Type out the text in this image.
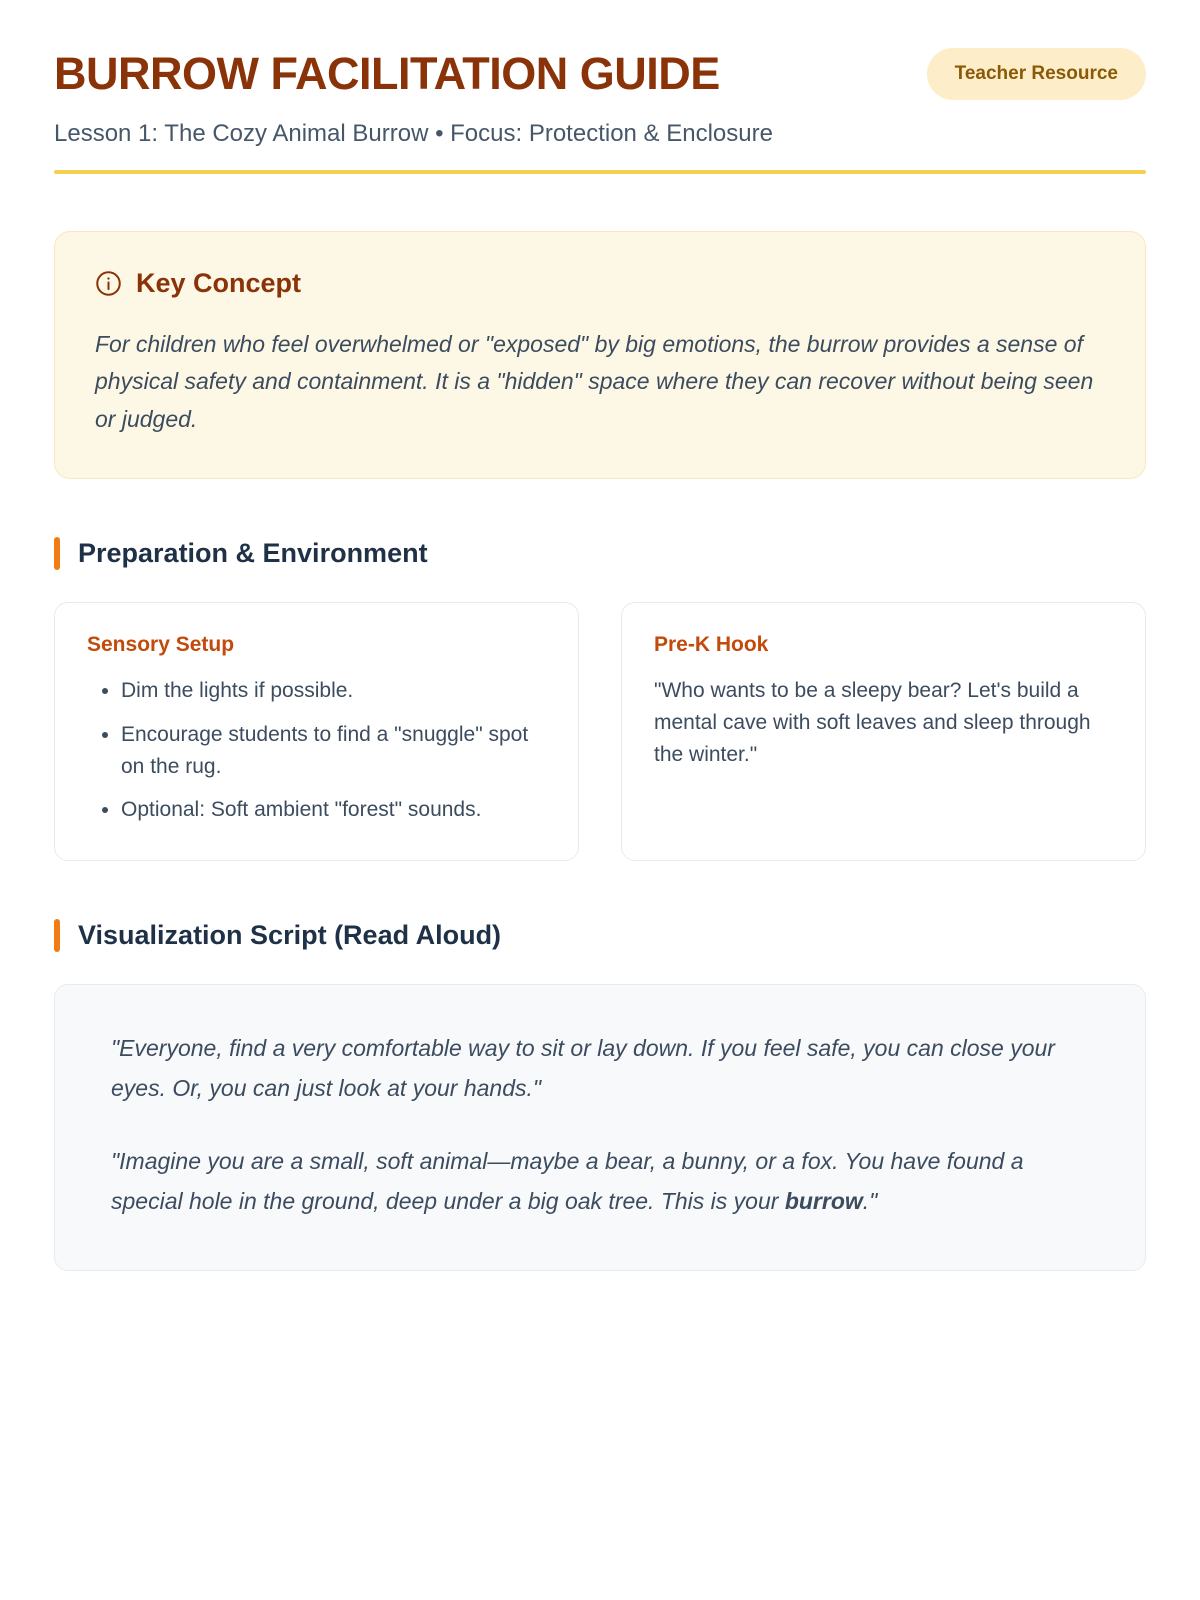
BURROW FACILITATION GUIDE	Teacher Resource
Lesson 1: The Cozy Animal Burrow • Focus: Protection & Enclosure
Key Concept
For children who feel overwhelmed or "exposed" by big emotions, the burrow provides a sense of physical safety and containment. It is a "hidden" space where they can recover without being seen or judged.
Preparation & Environment
Sensory Setup
• Dim the lights if possible.
• Encourage students to find a "snuggle" spot on the rug.
• Optional: Soft ambient "forest" sounds.
Pre-K Hook

"Who wants to be a sleepy bear? Let's build a mental cave with soft leaves and sleep through the winter."

Visualization Script (Read Aloud)

"Everyone, find a very comfortable way to sit or lay down. If you feel safe, you can close your eyes. Or, you can just look at your hands."

"Imagine you are a small, soft animal—maybe a bear, a bunny, or a fox. You have found a special hole in the ground, deep under a big oak tree. This is your burrow."
